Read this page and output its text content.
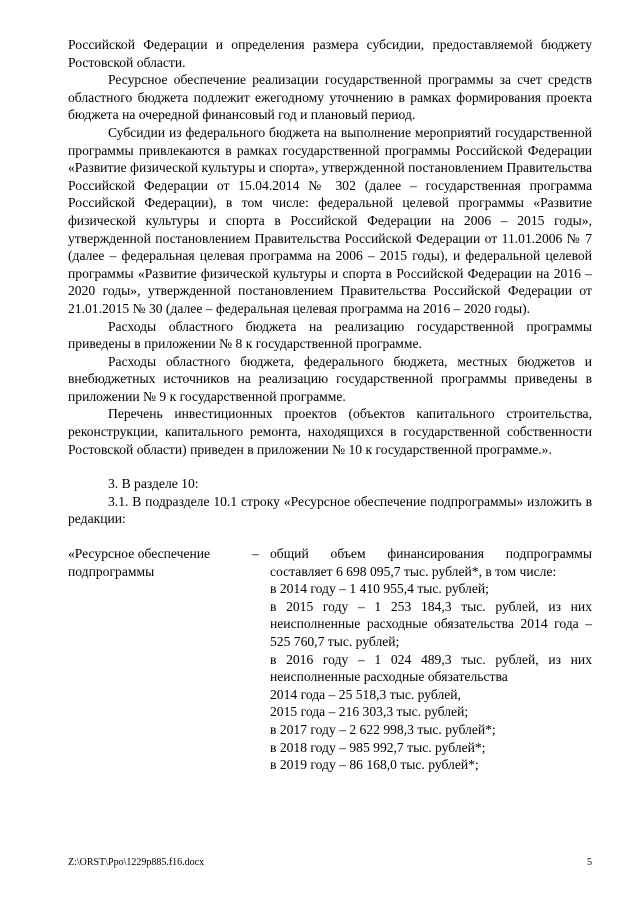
Российской Федерации и определения размера субсидии, предоставляемой бюджету Ростовской области.

Ресурсное обеспечение реализации государственной программы за счет средств областного бюджета подлежит ежегодному уточнению в рамках формирования проекта бюджета на очередной финансовый год и плановый период.

Субсидии из федерального бюджета на выполнение мероприятий государственной программы привлекаются в рамках государственной программы Российской Федерации «Развитие физической культуры и спорта», утвержденной постановлением Правительства Российской Федерации от 15.04.2014 № 302 (далее – государственная программа Российской Федерации), в том числе: федеральной целевой программы «Развитие физической культуры и спорта в Российской Федерации на 2006 – 2015 годы», утвержденной постановлением Правительства Российской Федерации от 11.01.2006 № 7 (далее – федеральная целевая программа на 2006 – 2015 годы), и федеральной целевой программы «Развитие физической культуры и спорта в Российской Федерации на 2016 – 2020 годы», утвержденной постановлением Правительства Российской Федерации от 21.01.2015 № 30 (далее – федеральная целевая программа на 2016 – 2020 годы).

Расходы областного бюджета на реализацию государственной программы приведены в приложении № 8 к государственной программе.

Расходы областного бюджета, федерального бюджета, местных бюджетов и внебюджетных источников на реализацию государственной программы приведены в приложении № 9 к государственной программе.

Перечень инвестиционных проектов (объектов капитального строительства, реконструкции, капитального ремонта, находящихся в государственной собственности Ростовской области) приведен в приложении № 10 к государственной программе.».

3. В разделе 10:

3.1. В подразделе 10.1 строку «Ресурсное обеспечение подпрограммы» изложить в редакции:

«Ресурсное обеспечение подпрограммы
– общий объем финансирования подпрограммы составляет 6 698 095,7 тыс. рублей*, в том числе:

в 2014 году – 1 410 955,4 тыс. рублей;

в 2015 году – 1 253 184,3 тыс. рублей, из них неисполненные расходные обязательства 2014 года – 525 760,7 тыс. рублей;

в 2016 году – 1 024 489,3 тыс. рублей, из них неисполненные расходные обязательства

2014 года – 25 518,3 тыс. рублей,

2015 года – 216 303,3 тыс. рублей;

в 2017 году – 2 622 998,3 тыс. рублей*;

в 2018 году – 985 992,7 тыс. рублей*;

в 2019 году – 86 168,0 тыс. рублей*;

Z:\ORST\Ppo\1229p885.f16.docx	5
